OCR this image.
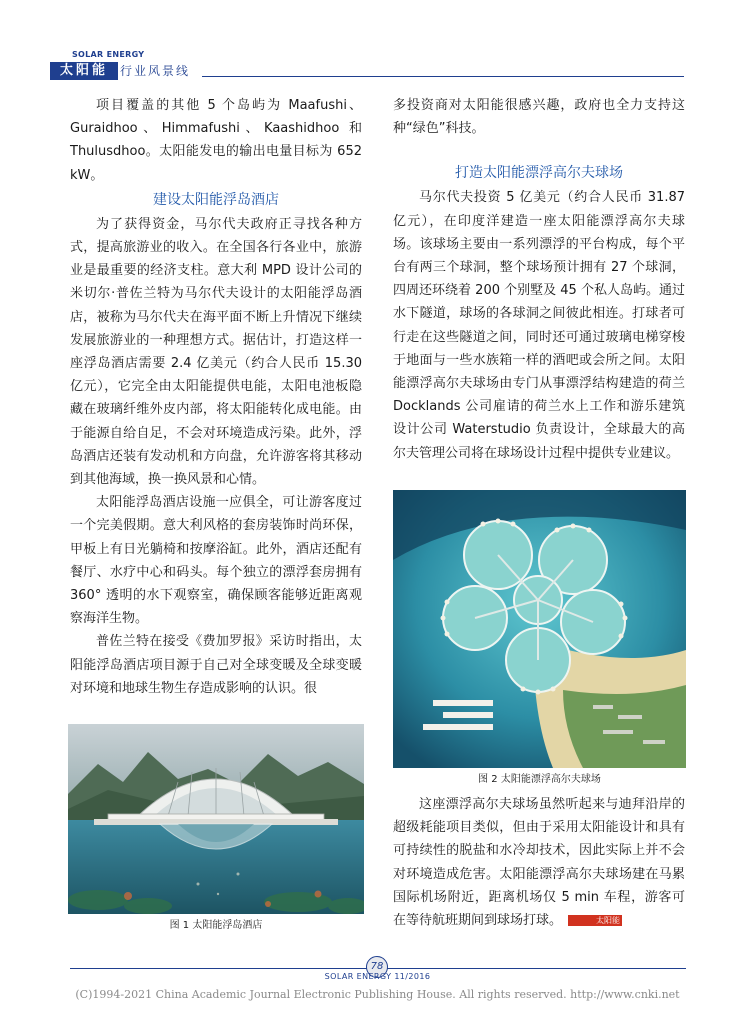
SOLAR ENERGY
太阳能	行业风景线

项目覆盖的其他 5 个岛屿为 Maafushi、Guraidhoo、Himmafushi、Kaashidhoo 和 Thulusdhoo。太阳能发电的输出电量目标为 652 kW。

建设太阳能浮岛酒店

为了获得资金，马尔代夫政府正寻找各种方式，提高旅游业的收入。在全国各行各业中，旅游业是最重要的经济支柱。意大利 MPD 设计公司的米切尔·普佐兰特为马尔代夫设计的太阳能浮岛酒店，被称为马尔代夫在海平面不断上升情况下继续发展旅游业的一种理想方式。据估计，打造这样一座浮岛酒店需要 2.4 亿美元（约合人民币 15.30 亿元），它完全由太阳能提供电能，太阳电池板隐藏在玻璃纤维外皮内部，将太阳能转化成电能。由于能源自给自足，不会对环境造成污染。此外，浮岛酒店还装有发动机和方向盘，允许游客将其移动到其他海域，换一换风景和心情。

太阳能浮岛酒店设施一应俱全，可让游客度过一个完美假期。意大利风格的套房装饰时尚环保，甲板上有日光躺椅和按摩浴缸。此外，酒店还配有餐厅、水疗中心和码头。每个独立的漂浮套房拥有 360° 透明的水下观察室，确保顾客能够近距离观察海洋生物。

普佐兰特在接受《费加罗报》采访时指出，太阳能浮岛酒店项目源于自己对全球变暖及全球变暖对环境和地球生物生存造成影响的认识。很

图 1 太阳能浮岛酒店

多投资商对太阳能很感兴趣，政府也全力支持这种“绿色”科技。

打造太阳能漂浮高尔夫球场

马尔代夫投资 5 亿美元（约合人民币 31.87 亿元），在印度洋建造一座太阳能漂浮高尔夫球场。该球场主要由一系列漂浮的平台构成，每个平台有两三个球洞，整个球场预计拥有 27 个球洞，四周还环绕着 200 个别墅及 45 个私人岛屿。通过水下隧道，球场的各球洞之间彼此相连。打球者可行走在这些隧道之间，同时还可通过玻璃电梯穿梭于地面与一些水族箱一样的酒吧或会所之间。太阳能漂浮高尔夫球场由专门从事漂浮结构建造的荷兰 Docklands 公司雇请的荷兰水上工作和游乐建筑设计公司 Waterstudio 负责设计，全球最大的高尔夫管理公司将在球场设计过程中提供专业建议。

图 2 太阳能漂浮高尔夫球场

这座漂浮高尔夫球场虽然听起来与迪拜沿岸的超级耗能项目类似，但由于采用太阳能设计和具有可持续性的脱盐和水冷却技术，因此实际上并不会对环境造成危害。太阳能漂浮高尔夫球场建在马累国际机场附近，距离机场仅 5 min 车程，游客可在等待航班期间到球场打球。	太阳能

78
SOLAR ENERGY 11/2016
(C)1994-2021 China Academic Journal Electronic Publishing House. All rights reserved. http://www.cnki.net
